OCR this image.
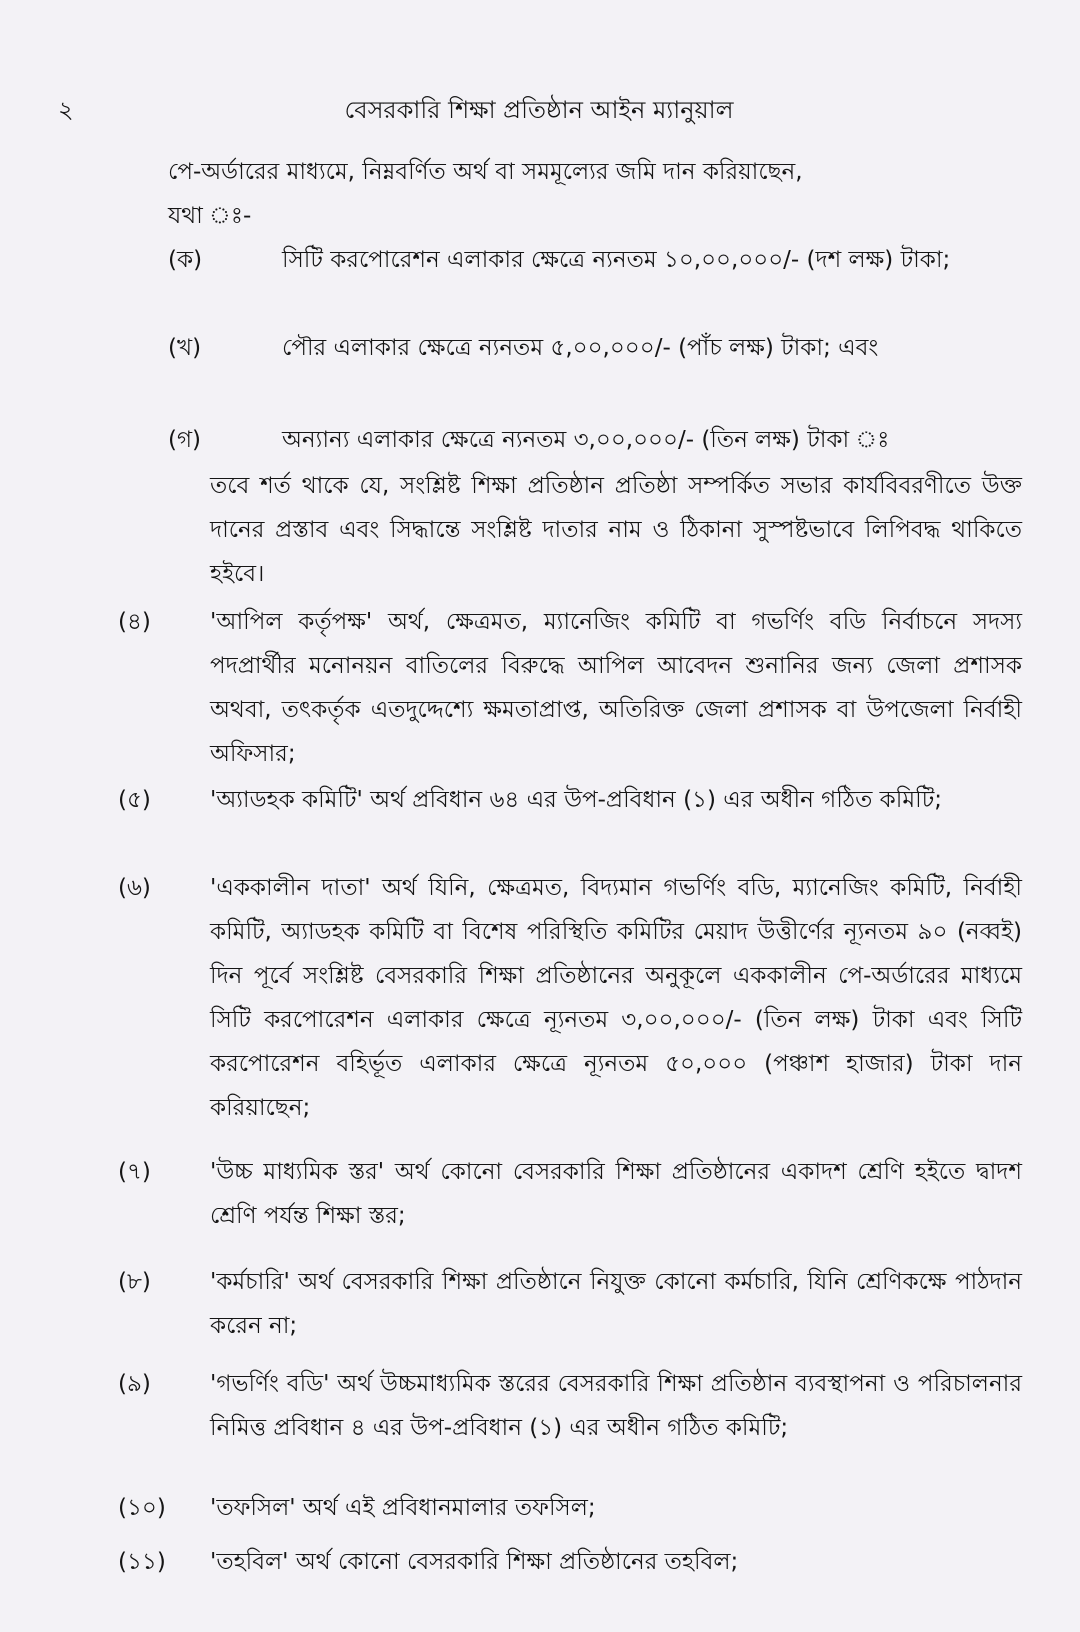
২	বেসরকারি শিক্ষা প্রতিষ্ঠান আইন ম্যানুয়াল

পে-অর্ডারের মাধ্যমে, নিম্নবর্ণিত অর্থ বা সমমূল্যের জমি দান করিয়াছেন,

যথা ঃ-

(ক)	সিটি করপোরেশন এলাকার ক্ষেত্রে ন্যনতম ১০,০০,০০০/- (দশ লক্ষ) টাকা;

(খ)	পৌর এলাকার ক্ষেত্রে ন্যনতম ৫,০০,০০০/- (পাঁচ লক্ষ) টাকা; এবং

(গ)	অন্যান্য এলাকার ক্ষেত্রে ন্যনতম ৩,০০,০০০/- (তিন লক্ষ) টাকা ঃ

তবে শর্ত থাকে যে, সংশ্লিষ্ট শিক্ষা প্রতিষ্ঠান প্রতিষ্ঠা সম্পর্কিত সভার কার্যবিবরণীতে উক্ত দানের প্রস্তাব এবং সিদ্ধান্তে সংশ্লিষ্ট দাতার নাম ও ঠিকানা সুস্পষ্টভাবে লিপিবদ্ধ থাকিতে হইবে।

(৪)	'আপিল কর্তৃপক্ষ' অর্থ, ক্ষেত্রমত, ম্যানেজিং কমিটি বা গভর্ণিং বডি নির্বাচনে সদস্য পদপ্রার্থীর মনোনয়ন বাতিলের বিরুদ্ধে আপিল আবেদন শুনানির জন্য জেলা প্রশাসক অথবা, তৎকর্তৃক এতদুদ্দেশ্যে ক্ষমতাপ্রাপ্ত, অতিরিক্ত জেলা প্রশাসক বা উপজেলা নির্বাহী অফিসার;

(৫)	'অ্যাডহক কমিটি' অর্থ প্রবিধান ৬৪ এর উপ-প্রবিধান (১) এর অধীন গঠিত কমিটি;

(৬)	'এককালীন দাতা' অর্থ যিনি, ক্ষেত্রমত, বিদ্যমান গভর্ণিং বডি, ম্যানেজিং কমিটি, নির্বাহী কমিটি, অ্যাডহক কমিটি বা বিশেষ পরিস্থিতি কমিটির মেয়াদ উত্তীর্ণের ন্যূনতম ৯০ (নব্বই) দিন পূর্বে সংশ্লিষ্ট বেসরকারি শিক্ষা প্রতিষ্ঠানের অনুকূলে এককালীন পে-অর্ডারের মাধ্যমে সিটি করপোরেশন এলাকার ক্ষেত্রে ন্যূনতম ৩,০০,০০০/- (তিন লক্ষ) টাকা এবং সিটি করপোরেশন বহির্ভূত এলাকার ক্ষেত্রে ন্যূনতম ৫০,০০০ (পঞ্চাশ হাজার) টাকা দান করিয়াছেন;

(৭)	'উচ্চ মাধ্যমিক স্তর' অর্থ কোনো বেসরকারি শিক্ষা প্রতিষ্ঠানের একাদশ শ্রেণি হইতে দ্বাদশ শ্রেণি পর্যন্ত শিক্ষা স্তর;

(৮)	'কর্মচারি' অর্থ বেসরকারি শিক্ষা প্রতিষ্ঠানে নিযুক্ত কোনো কর্মচারি, যিনি শ্রেণিকক্ষে পাঠদান করেন না;

(৯)	'গভর্ণিং বডি' অর্থ উচ্চমাধ্যমিক স্তরের বেসরকারি শিক্ষা প্রতিষ্ঠান ব্যবস্থাপনা ও পরিচালনার নিমিত্ত প্রবিধান ৪ এর উপ-প্রবিধান (১) এর অধীন গঠিত কমিটি;

(১০) 'তফসিল' অর্থ এই প্রবিধানমালার তফসিল;

(১১) 'তহবিল' অর্থ কোনো বেসরকারি শিক্ষা প্রতিষ্ঠানের তহবিল;
